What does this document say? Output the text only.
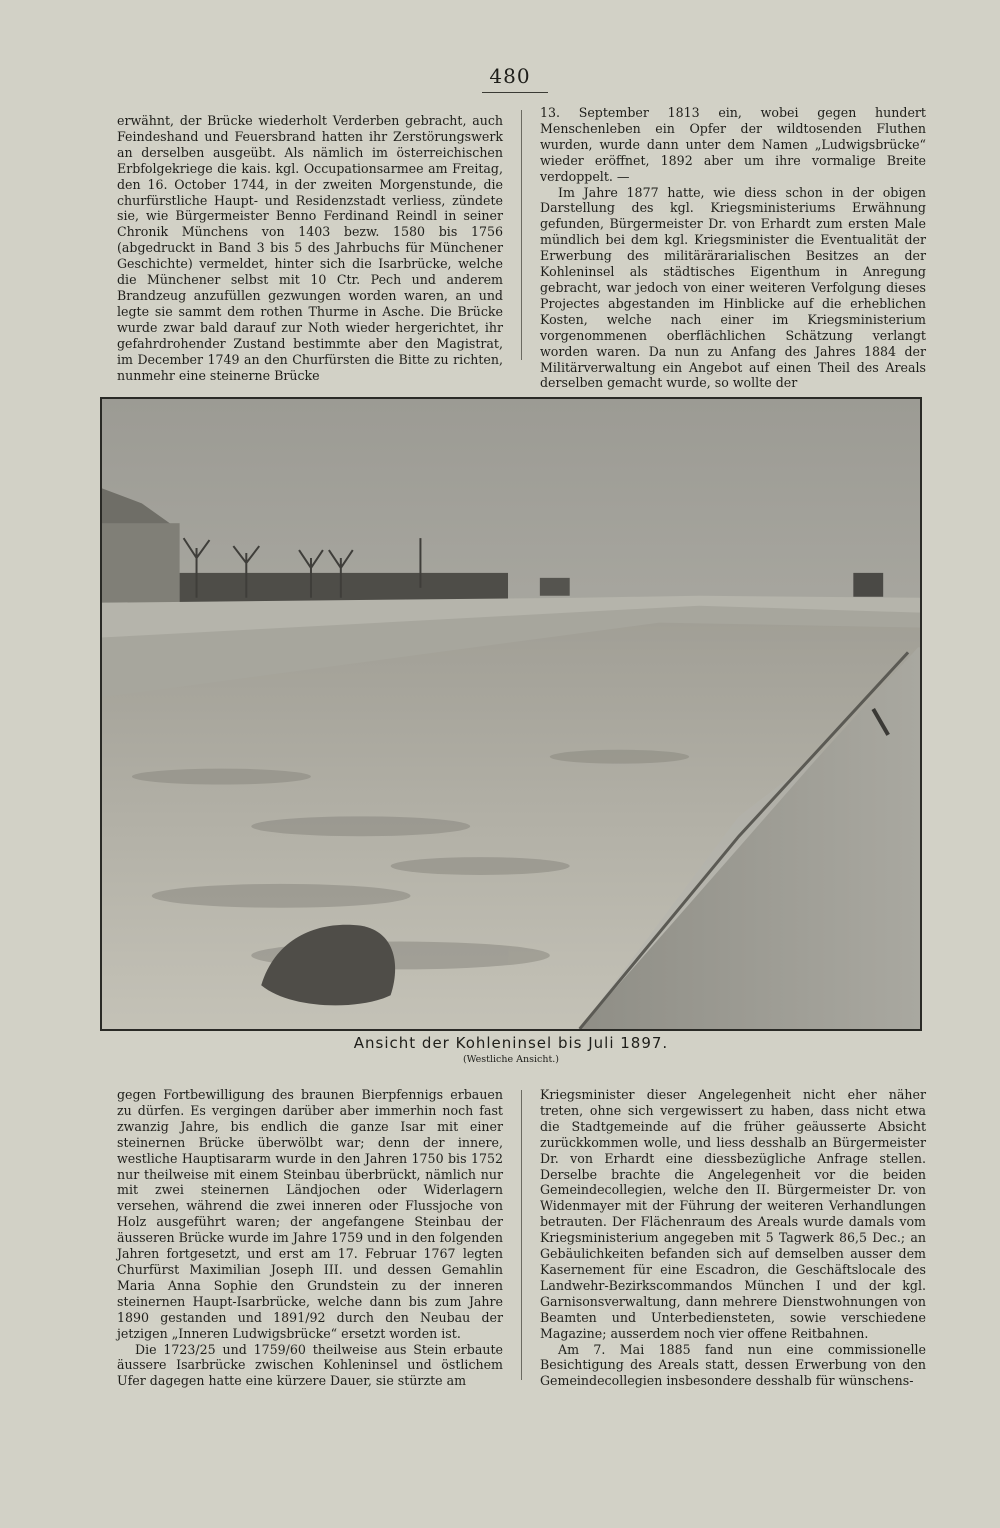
480

erwähnt, der Brücke wiederholt Verderben gebracht, auch Feindeshand und Feuersbrand hatten ihr Zerstörungswerk an derselben ausgeübt. Als nämlich im österreichischen Erbfolgekriege die kais. kgl. Occupationsarmee am Freitag, den 16. October 1744, in der zweiten Morgenstunde, die churfürstliche Haupt- und Residenzstadt verliess, zündete sie, wie Bürgermeister Benno Ferdinand Reindl in seiner Chronik Münchens von 1403 bezw. 1580 bis 1756 (abgedruckt in Band 3 bis 5 des Jahrbuchs für Münchener Geschichte) vermeldet, hinter sich die Isarbrücke, welche die Münchener selbst mit 10 Ctr. Pech und anderem Brandzeug anzufüllen gezwungen worden waren, an und legte sie sammt dem rothen Thurme in Asche. Die Brücke wurde zwar bald darauf zur Noth wieder hergerichtet, ihr gefahrdrohender Zustand bestimmte aber den Magistrat, im December 1749 an den Churfürsten die Bitte zu richten, nunmehr eine steinerne Brücke

13. September 1813 ein, wobei gegen hundert Menschenleben ein Opfer der wildtosenden Fluthen wurden, wurde dann unter dem Namen „Ludwigsbrücke“ wieder eröffnet, 1892 aber um ihre vormalige Breite verdoppelt. —

Im Jahre 1877 hatte, wie diess schon in der obigen Darstellung des kgl. Kriegsministeriums Erwähnung gefunden, Bürgermeister Dr. von Erhardt zum ersten Male mündlich bei dem kgl. Kriegsminister die Eventualität der Erwerbung des militärärarialischen Besitzes an der Kohleninsel als städtisches Eigenthum in Anregung gebracht, war jedoch von einer weiteren Verfolgung dieses Projectes abgestanden im Hinblicke auf die erheblichen Kosten, welche nach einer im Kriegsministerium vorgenommenen oberflächlichen Schätzung verlangt worden waren. Da nun zu Anfang des Jahres 1884 der Militärverwaltung ein Angebot auf einen Theil des Areals derselben gemacht wurde, so wollte der

Ansicht der Kohleninsel bis Juli 1897.
(Westliche Ansicht.)

gegen Fortbewilligung des braunen Bierpfennigs erbauen zu dürfen. Es vergingen darüber aber immerhin noch fast zwanzig Jahre, bis endlich die ganze Isar mit einer steinernen Brücke überwölbt war; denn der innere, westliche Hauptisararm wurde in den Jahren 1750 bis 1752 nur theilweise mit einem Steinbau überbrückt, nämlich nur mit zwei steinernen Ländjochen oder Widerlagern versehen, während die zwei inneren oder Flussjoche von Holz ausgeführt waren; der angefangene Steinbau der äusseren Brücke wurde im Jahre 1759 und in den folgenden Jahren fortgesetzt, und erst am 17. Februar 1767 legten Churfürst Maximilian Joseph III. und dessen Gemahlin Maria Anna Sophie den Grundstein zu der inneren steinernen Haupt-Isarbrücke, welche dann bis zum Jahre 1890 gestanden und 1891/92 durch den Neubau der jetzigen „Inneren Ludwigsbrücke“ ersetzt worden ist.

Die 1723/25 und 1759/60 theilweise aus Stein erbaute äussere Isarbrücke zwischen Kohleninsel und östlichem Ufer dagegen hatte eine kürzere Dauer, sie stürzte am

Kriegsminister dieser Angelegenheit nicht eher näher treten, ohne sich vergewissert zu haben, dass nicht etwa die Stadtgemeinde auf die früher geäusserte Absicht zurückkommen wolle, und liess desshalb an Bürgermeister Dr. von Erhardt eine diessbezügliche Anfrage stellen. Derselbe brachte die Angelegenheit vor die beiden Gemeindecollegien, welche den II. Bürgermeister Dr. von Widenmayer mit der Führung der weiteren Verhandlungen betrauten. Der Flächenraum des Areals wurde damals vom Kriegsministerium angegeben mit 5 Tagwerk 86,5 Dec.; an Gebäulichkeiten befanden sich auf demselben ausser dem Kasernement für eine Escadron, die Geschäftslocale des Landwehr-Bezirkscommandos München I und der kgl. Garnisonsverwaltung, dann mehrere Dienstwohnungen von Beamten und Unterbediensteten, sowie verschiedene Magazine; ausserdem noch vier offene Reitbahnen.

Am 7. Mai 1885 fand nun eine commissionelle Besichtigung des Areals statt, dessen Erwerbung von den Gemeindecollegien insbesondere desshalb für wünschens-
